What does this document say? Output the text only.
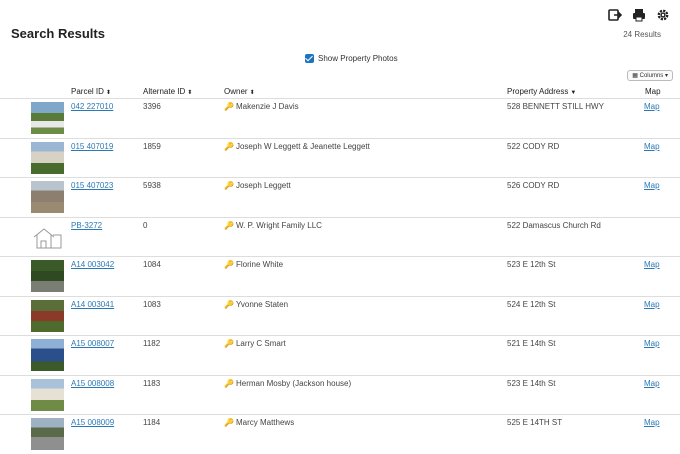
Search Results	24 Results
Show Property Photos
▦ Columns ▾
Parcel ID ⬍	Alternate ID ⬍	Owner ⬍	Property Address ▼	Map
042 227010	3396	🔑 Makenzie J Davis	528 BENNETT STILL HWY	Map
015 407019	1859	🔑 Joseph W Leggett & Jeanette Leggett	522 CODY RD	Map
015 407023	5938	🔑 Joseph Leggett	526 CODY RD	Map
PB-3272	0	🔑 W. P. Wright Family LLC	522 Damascus Church Rd
A14 003042	1084	🔑 Florine White	523 E 12th St	Map
A14 003041	1083	🔑 Yvonne Staten	524 E 12th St	Map
A15 008007	1182	🔑 Larry C Smart	521 E 14th St	Map
A15 008008	1183	🔑 Herman Mosby (Jackson house)	523 E 14th St	Map
A15 008009	1184	🔑 Marcy Matthews	525 E 14TH ST	Map
